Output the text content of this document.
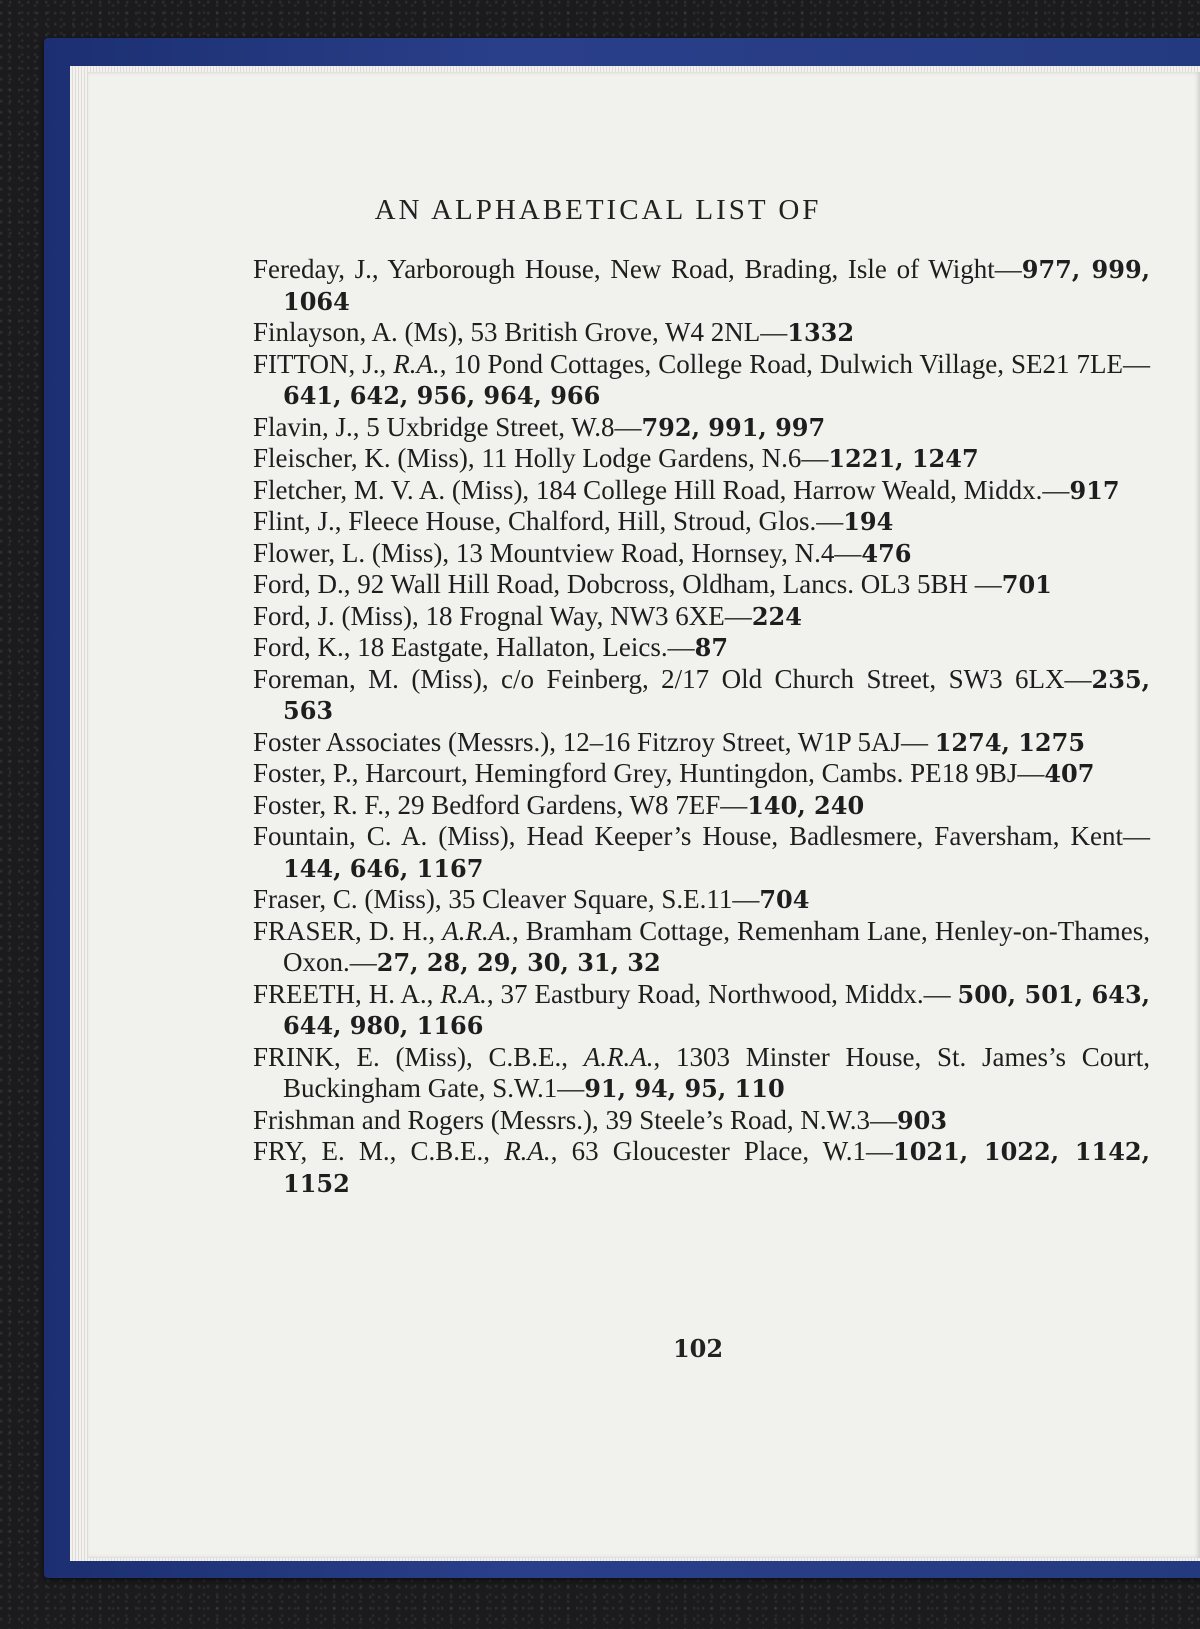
AN ALPHABETICAL LIST OF
Fereday, J., Yarborough House, New Road, Brading, Isle of Wight—977, 999, 1064
Finlayson, A. (Ms), 53 British Grove, W4 2NL—1332
FITTON, J., R.A., 10 Pond Cottages, College Road, Dulwich Village, SE21 7LE—641, 642, 956, 964, 966
Flavin, J., 5 Uxbridge Street, W.8—792, 991, 997
Fleischer, K. (Miss), 11 Holly Lodge Gardens, N.6—1221, 1247
Fletcher, M. V. A. (Miss), 184 College Hill Road, Harrow Weald, Middx.—917
Flint, J., Fleece House, Chalford, Hill, Stroud, Glos.—194
Flower, L. (Miss), 13 Mountview Road, Hornsey, N.4—476
Ford, D., 92 Wall Hill Road, Dobcross, Oldham, Lancs. OL3 5BH —701
Ford, J. (Miss), 18 Frognal Way, NW3 6XE—224
Ford, K., 18 Eastgate, Hallaton, Leics.—87
Foreman, M. (Miss), c/o Feinberg, 2/17 Old Church Street, SW3 6LX—235, 563
Foster Associates (Messrs.), 12–16 Fitzroy Street, W1P 5AJ— 1274, 1275
Foster, P., Harcourt, Hemingford Grey, Huntingdon, Cambs. PE18 9BJ—407
Foster, R. F., 29 Bedford Gardens, W8 7EF—140, 240
Fountain, C. A. (Miss), Head Keeper’s House, Badlesmere, Faversham, Kent—144, 646, 1167
Fraser, C. (Miss), 35 Cleaver Square, S.E.11—704
FRASER, D. H., A.R.A., Bramham Cottage, Remenham Lane, Henley-on-Thames, Oxon.—27, 28, 29, 30, 31, 32
FREETH, H. A., R.A., 37 Eastbury Road, Northwood, Middx.— 500, 501, 643, 644, 980, 1166
FRINK, E. (Miss), C.B.E., A.R.A., 1303 Minster House, St. James’s Court, Buckingham Gate, S.W.1—91, 94, 95, 110
Frishman and Rogers (Messrs.), 39 Steele’s Road, N.W.3—903
FRY, E. M., C.B.E., R.A., 63 Gloucester Place, W.1—1021, 1022, 1142, 1152
102
